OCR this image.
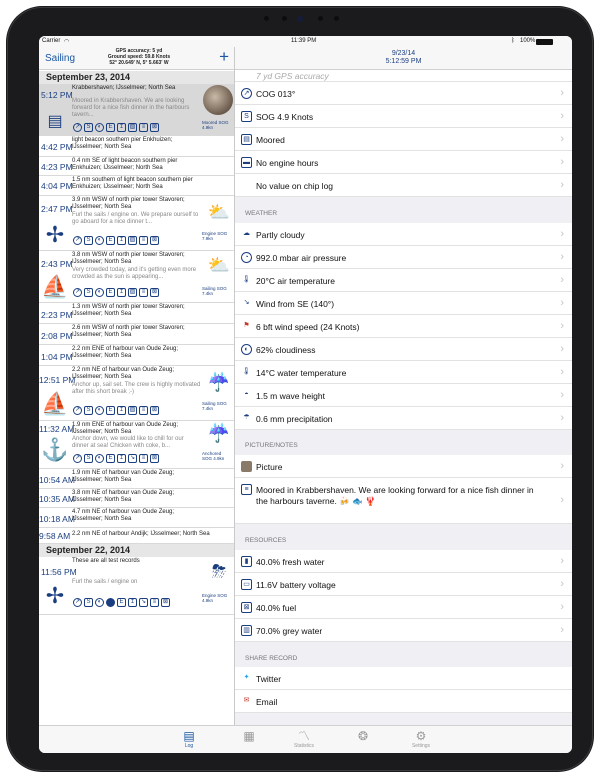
Carrier ◠	11:39 PM	ᛒ 100%
Sailing
GPS accuracy: 5 yd
Ground speed: 59.8 Knots
52° 20.649' N, 5° 5.663' W	+
September 23, 2014
5:12 PM
Krabbershaven; IJsselmeer; North Sea
Moored in Krabbershaven. We are looking forward for a nice fish dinner in the harbours tavern...
▤	↗	S	◐	E	↥ ▨	≡	⊠
Moored SOG 4.9kn
4:42 PM
light beacon southern pier Enkhuizen; IJsselmeer; North Sea
4:23 PM
0.4 nm SE of light beacon southern pier Enkhuizen; IJsselmeer; North Sea
4:04 PM
1.5 nm southern of light beacon southern pier Enkhuizen; IJsselmeer; North Sea
2:47 PM
3.9 nm WSW of north pier tower Stavoren; IJsselmeer; North Sea
Furl the sails / engine on. We prepare ourself to go aboard for a nice dinner t...
✢	↗	S	◐	E	↥ ▨	≡	⊠
Engine SOG 7.9kn
⛅
2:43 PM
3.8 nm WSW of north pier tower Stavoren; IJsselmeer; North Sea
Very crowded today, and it's getting even more crowded as the sun is appearing...
⛵	↗	S	◐	E	↥ ▨	≡	⊠
Sailing SOG 7.4kn
⛅
2:23 PM
1.3 nm WSW of north pier tower Stavoren; IJsselmeer; North Sea
2:08 PM
2.6 nm WSW of north pier tower Stavoren; IJsselmeer; North Sea
1:04 PM
2.2 nm ENE of harbour van Oude Zeug; IJsselmeer; North Sea
12:51 PM
2.2 nm NE of harbour van Oude Zeug; IJsselmeer; North Sea
Anchor up, sail set. The crew is highly motivated after this short break ;-)
⛵	↗	S	◐	E	↥ ▨	≡	⊠
Sailing SOG 7.4kn
☔
11:32 AM
1.9 nm ENE of harbour van Oude Zeug; IJsselmeer; North Sea
Anchor down, we would like to chill for our dinner at sea! Chicken with coke, b...
⚓	↗	S	◐	E	↥ ↘	≡	⊠
Anchored SOG 4.9kn
☔
10:54 AM
1.9 nm NE of harbour van Oude Zeug; IJsselmeer; North Sea
10:35 AM
3.8 nm NE of harbour van Oude Zeug; IJsselmeer; North Sea
10:18 AM
4.7 nm NE of harbour van Oude Zeug; IJsselmeer; North Sea
9:58 AM 2.2 nm NE of harbour Andijk; IJsselmeer; North Sea
September 22, 2014
11:56 PM
These are all test records
Furl the sails / engine on
✢	↗	S	◐	E	↥ ↘	≡	⊠
Engine SOG 4.9kn
⛈
9/23/14
5:12:59 PM
7 yd GPS accuracy
↗ COG 013°	›
S SOG 4.9 Knots	›
▤ Moored	›
▬ No engine hours	›
No value on chip log	›
WEATHER
☁ Partly cloudy	›
◔ 992.0 mbar air pressure	›
🌡 20°C air temperature	›
↘ Wind from SE (140°)	›
⚑ 6 bft wind speed (24 Knots)	›
◐ 62% cloudiness	›
🌡 14°C water temperature	›
◓ 1.5 m wave height	›
☂ 0.6 mm precipitation	›
PICTURE/NOTES
Picture	›
≡ Moored in Krabbershaven. We are looking forward for a nice fish dinner in the harbours taverne. 🍻 🐟 🦞	›
RESOURCES
▮ 40.0% fresh water	›
▭ 11.6V battery voltage	›
⊠ 40.0% fuel	›
▥ 70.0% grey water	›
SHARE RECORD
✦ Twitter
✉ Email
▤
Log
▦	〽
Statistics
❂	⚙
Settings
